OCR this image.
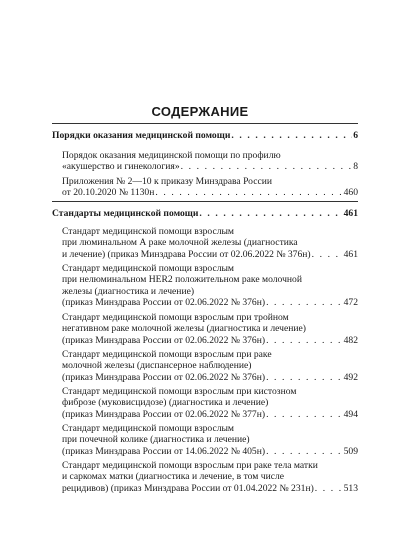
СОДЕРЖАНИЕ
Порядки оказания медицинской помощи . . .	6
Порядок оказания медицинской помощи по профилю
«акушерство и гинекология» . . .	8
Приложения № 2—10 к приказу Минздрава России
от 20.10.2020 № 1130н . . .	460
Стандарты медицинской помощи . . .	461
Стандарт медицинской помощи взрослым
при люминальном А раке молочной железы (диагностика
и лечение) (приказ Минздрава России от 02.06.2022 № 376н) . . .	461
Стандарт медицинской помощи взрослым
при нелюминальном HER2 положительном раке молочной
железы (диагностика и лечение)
(приказ Минздрава России от 02.06.2022 № 376н) . . .	472
Стандарт медицинской помощи взрослым при тройном
негативном раке молочной железы (диагностика и лечение)
(приказ Минздрава России от 02.06.2022 № 376н) . . .	482
Стандарт медицинской помощи взрослым при раке
молочной железы (диспансерное наблюдение)
(приказ Минздрава России от 02.06.2022 № 376н) . . .	492
Стандарт медицинской помощи взрослым при кистозном
фиброзе (муковисцидозе) (диагностика и лечение)
(приказ Минздрава России от 02.06.2022 № 377н) . . .	494
Стандарт медицинской помощи взрослым
при почечной колике (диагностика и лечение)
(приказ Минздрава России от 14.06.2022 № 405н) . . .	509
Стандарт медицинской помощи взрослым при раке тела матки
и саркомах матки (диагностика и лечение, в том числе
рецидивов) (приказ Минздрава России от 01.04.2022 № 231н) . . .	513
